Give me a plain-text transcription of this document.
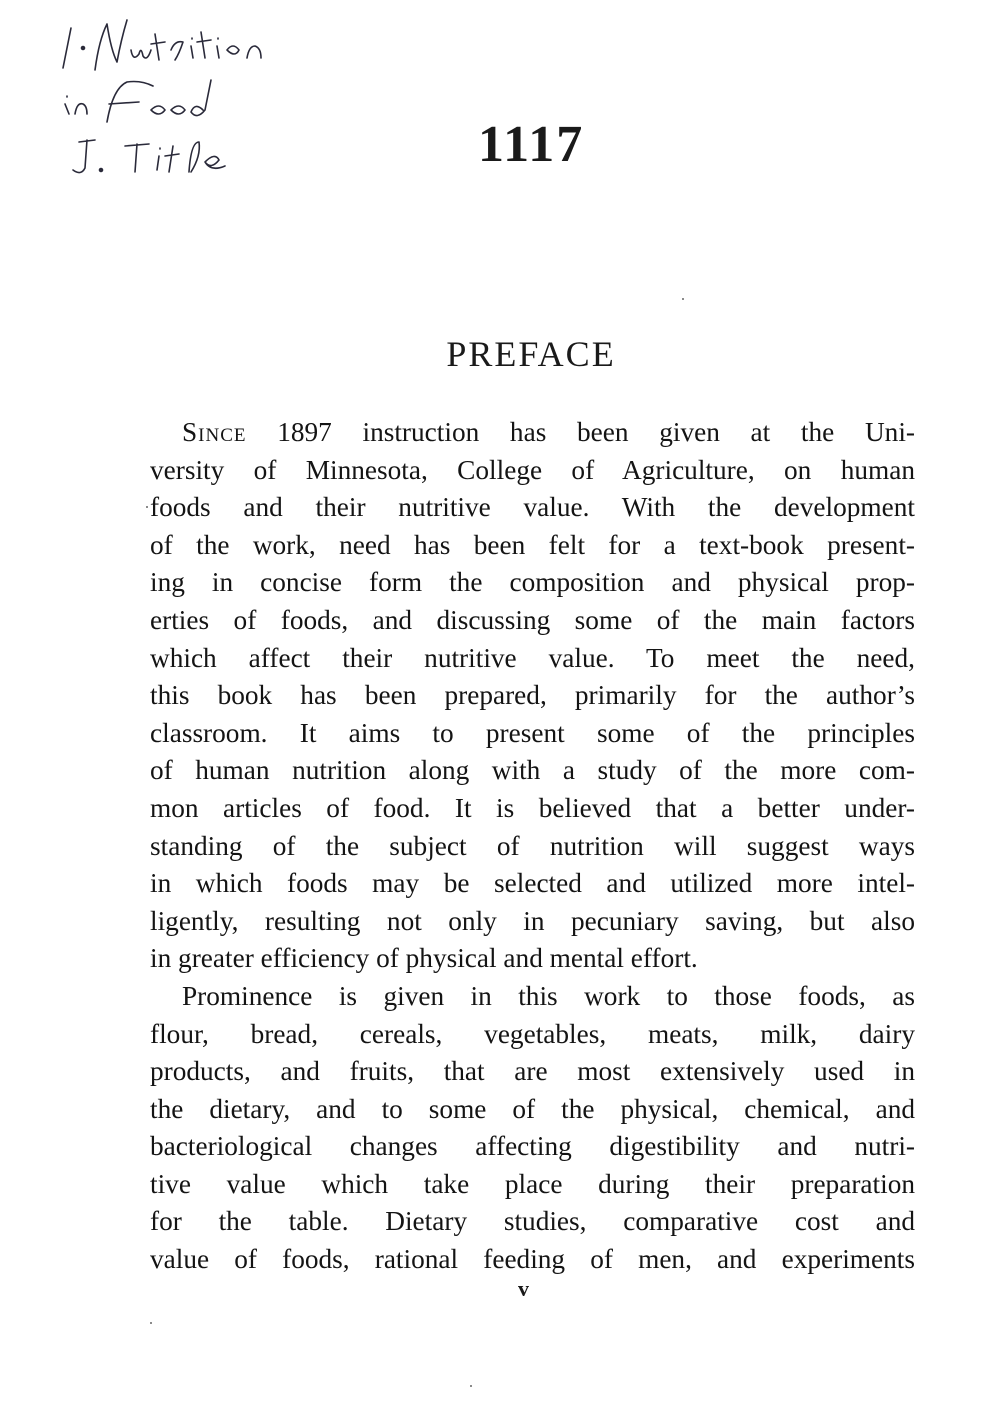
1117
PREFACE
Since 1897 instruction has been given at the Uni-
versity of Minnesota, College of Agriculture, on human
foods and their nutritive value. With the development
of the work, need has been felt for a text-book present-
ing in concise form the composition and physical prop-
erties of foods, and discussing some of the main factors
which affect their nutritive value. To meet the need,
this book has been prepared, primarily for the author’s
classroom. It aims to present some of the principles
of human nutrition along with a study of the more com-
mon articles of food. It is believed that a better under-
standing of the subject of nutrition will suggest ways
in which foods may be selected and utilized more intel-
ligently, resulting not only in pecuniary saving, but also
in greater efficiency of physical and mental effort.
Prominence is given in this work to those foods, as
flour, bread, cereals, vegetables, meats, milk, dairy
products, and fruits, that are most extensively used in
the dietary, and to some of the physical, chemical, and
bacteriological changes affecting digestibility and nutri-
tive value which take place during their preparation
for the table. Dietary studies, comparative cost and
value of foods, rational feeding of men, and experiments
v
